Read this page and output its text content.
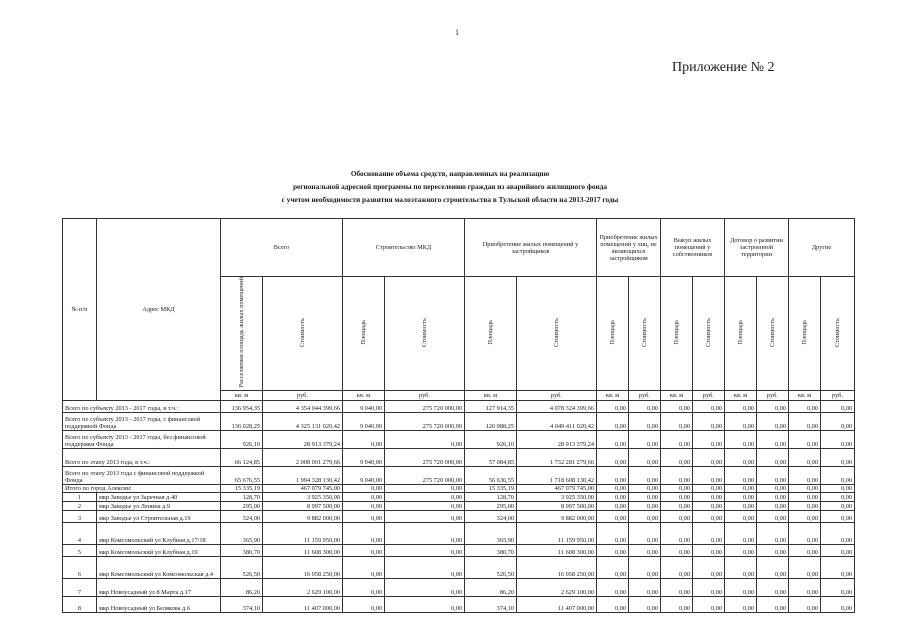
1
Приложение № 2
Обоснование объема средств, направленных на реализацию
региональной адресной программы по переселению граждан из аварийного жилищного фонда
с учетом необходимости развития малоэтажного строительства в Тульской области на 2013-2017 годы
№ п/п	Адрес МКД	Всего		Строительство МКД		Приобретение жилых помещений у застройщиков		Приобретение жилых помещений у лиц, не являющихся застройщиком		Выкуп жилых помещений у собственников		Договор о развитии застроенной территории		Другие	
		Расселяемая площадь жилых помещений	Стоимость	Площадь	Стоимость	Площадь	Стоимость	Площадь	Стоимость	Площадь	Стоимость	Площадь	Стоимость	Площадь	Стоимость
		кв. м	руб.	кв. м	руб.	кв. м	руб.	кв. м	руб.	кв. м	руб.	кв. м	руб.	кв. м	руб.
Всего по субъекту 2013 - 2017 годы, в т.ч.:		136 954,35	4 354 044 399,66	9 040,00	275 720 000,00	127 914,35	4 078 324 399,66	0,00	0,00	0,00	0,00	0,00	0,00	0,00	0,00
Всего по субъекту 2013 - 2017 годы, с финансовой поддержкой Фонда		136 028,25	4 325 131 020,42	9 040,00	275 720 000,00	126 988,25	4 049 411 020,42	0,00	0,00	0,00	0,00	0,00	0,00	0,00	0,00
Всего по субъекту 2013 - 2017 годы, без финансовой поддержки Фонда		926,10	28 913 379,24	0,00	0,00	926,10	28 913 379,24	0,00	0,00	0,00	0,00	0,00	0,00	0,00	0,00
Всего по этапу 2013 года, в т.ч.:		66 124,85	2 008 001 279,66	9 040,00	275 720 000,00	57 084,85	1 732 281 279,66	0,00	0,00	0,00	0,00	0,00	0,00	0,00	0,00
Всего по этапу 2013 года с финансовой поддержкой Фонда		65 676,55	1 994 328 130,42	9 040,00	275 720 000,00	56 636,55	1 718 608 130,42	0,00	0,00	0,00	0,00	0,00	0,00	0,00	0,00
Итого по город Алексин:		15 335,19	467 079 745,00	0,00	0,00	15 335,19	467 079 745,00	0,00	0,00	0,00	0,00	0,00	0,00	0,00	0,00
1	мкр Заводье ул Заречная д.40	128,70	3 925 350,00	0,00	0,00	128,70	3 925 350,00	0,00	0,00	0,00	0,00	0,00	0,00	0,00	0,00
2	мкр Заводье ул Ленина д.9	295,00	8 997 500,00	0,00	0,00	295,00	8 997 500,00	0,00	0,00	0,00	0,00	0,00	0,00	0,00	0,00
3	мкр Заводье ул Строительная д.19	324,00	9 882 000,00	0,00	0,00	324,00	9 882 000,00	0,00	0,00	0,00	0,00	0,00	0,00	0,00	0,00
4	мкр Комсомольский ул Клубная д.17/18	365,90	11 159 950,00	0,00	0,00	365,90	11 159 950,00	0,00	0,00	0,00	0,00	0,00	0,00	0,00	0,00
5	мкр Комсомольский ул Клубная д.19	380,70	11 608 300,00	0,00	0,00	380,70	11 608 300,00	0,00	0,00	0,00	0,00	0,00	0,00	0,00	0,00
6	мкр Комсомольский ул Комсомольская д.4	526,50	16 058 250,00	0,00	0,00	526,50	16 058 250,00	0,00	0,00	0,00	0,00	0,00	0,00	0,00	0,00
7	мкр Новоусадный ул 8 Марта д.17	86,20	2 629 100,00	0,00	0,00	86,20	2 629 100,00	0,00	0,00	0,00	0,00	0,00	0,00	0,00	0,00
8	мкр Новоусадный ул Белякова д.6	374,10	11 407 000,00	0,00	0,00	374,10	11 407 000,00	0,00	0,00	0,00	0,00	0,00	0,00	0,00	0,00
